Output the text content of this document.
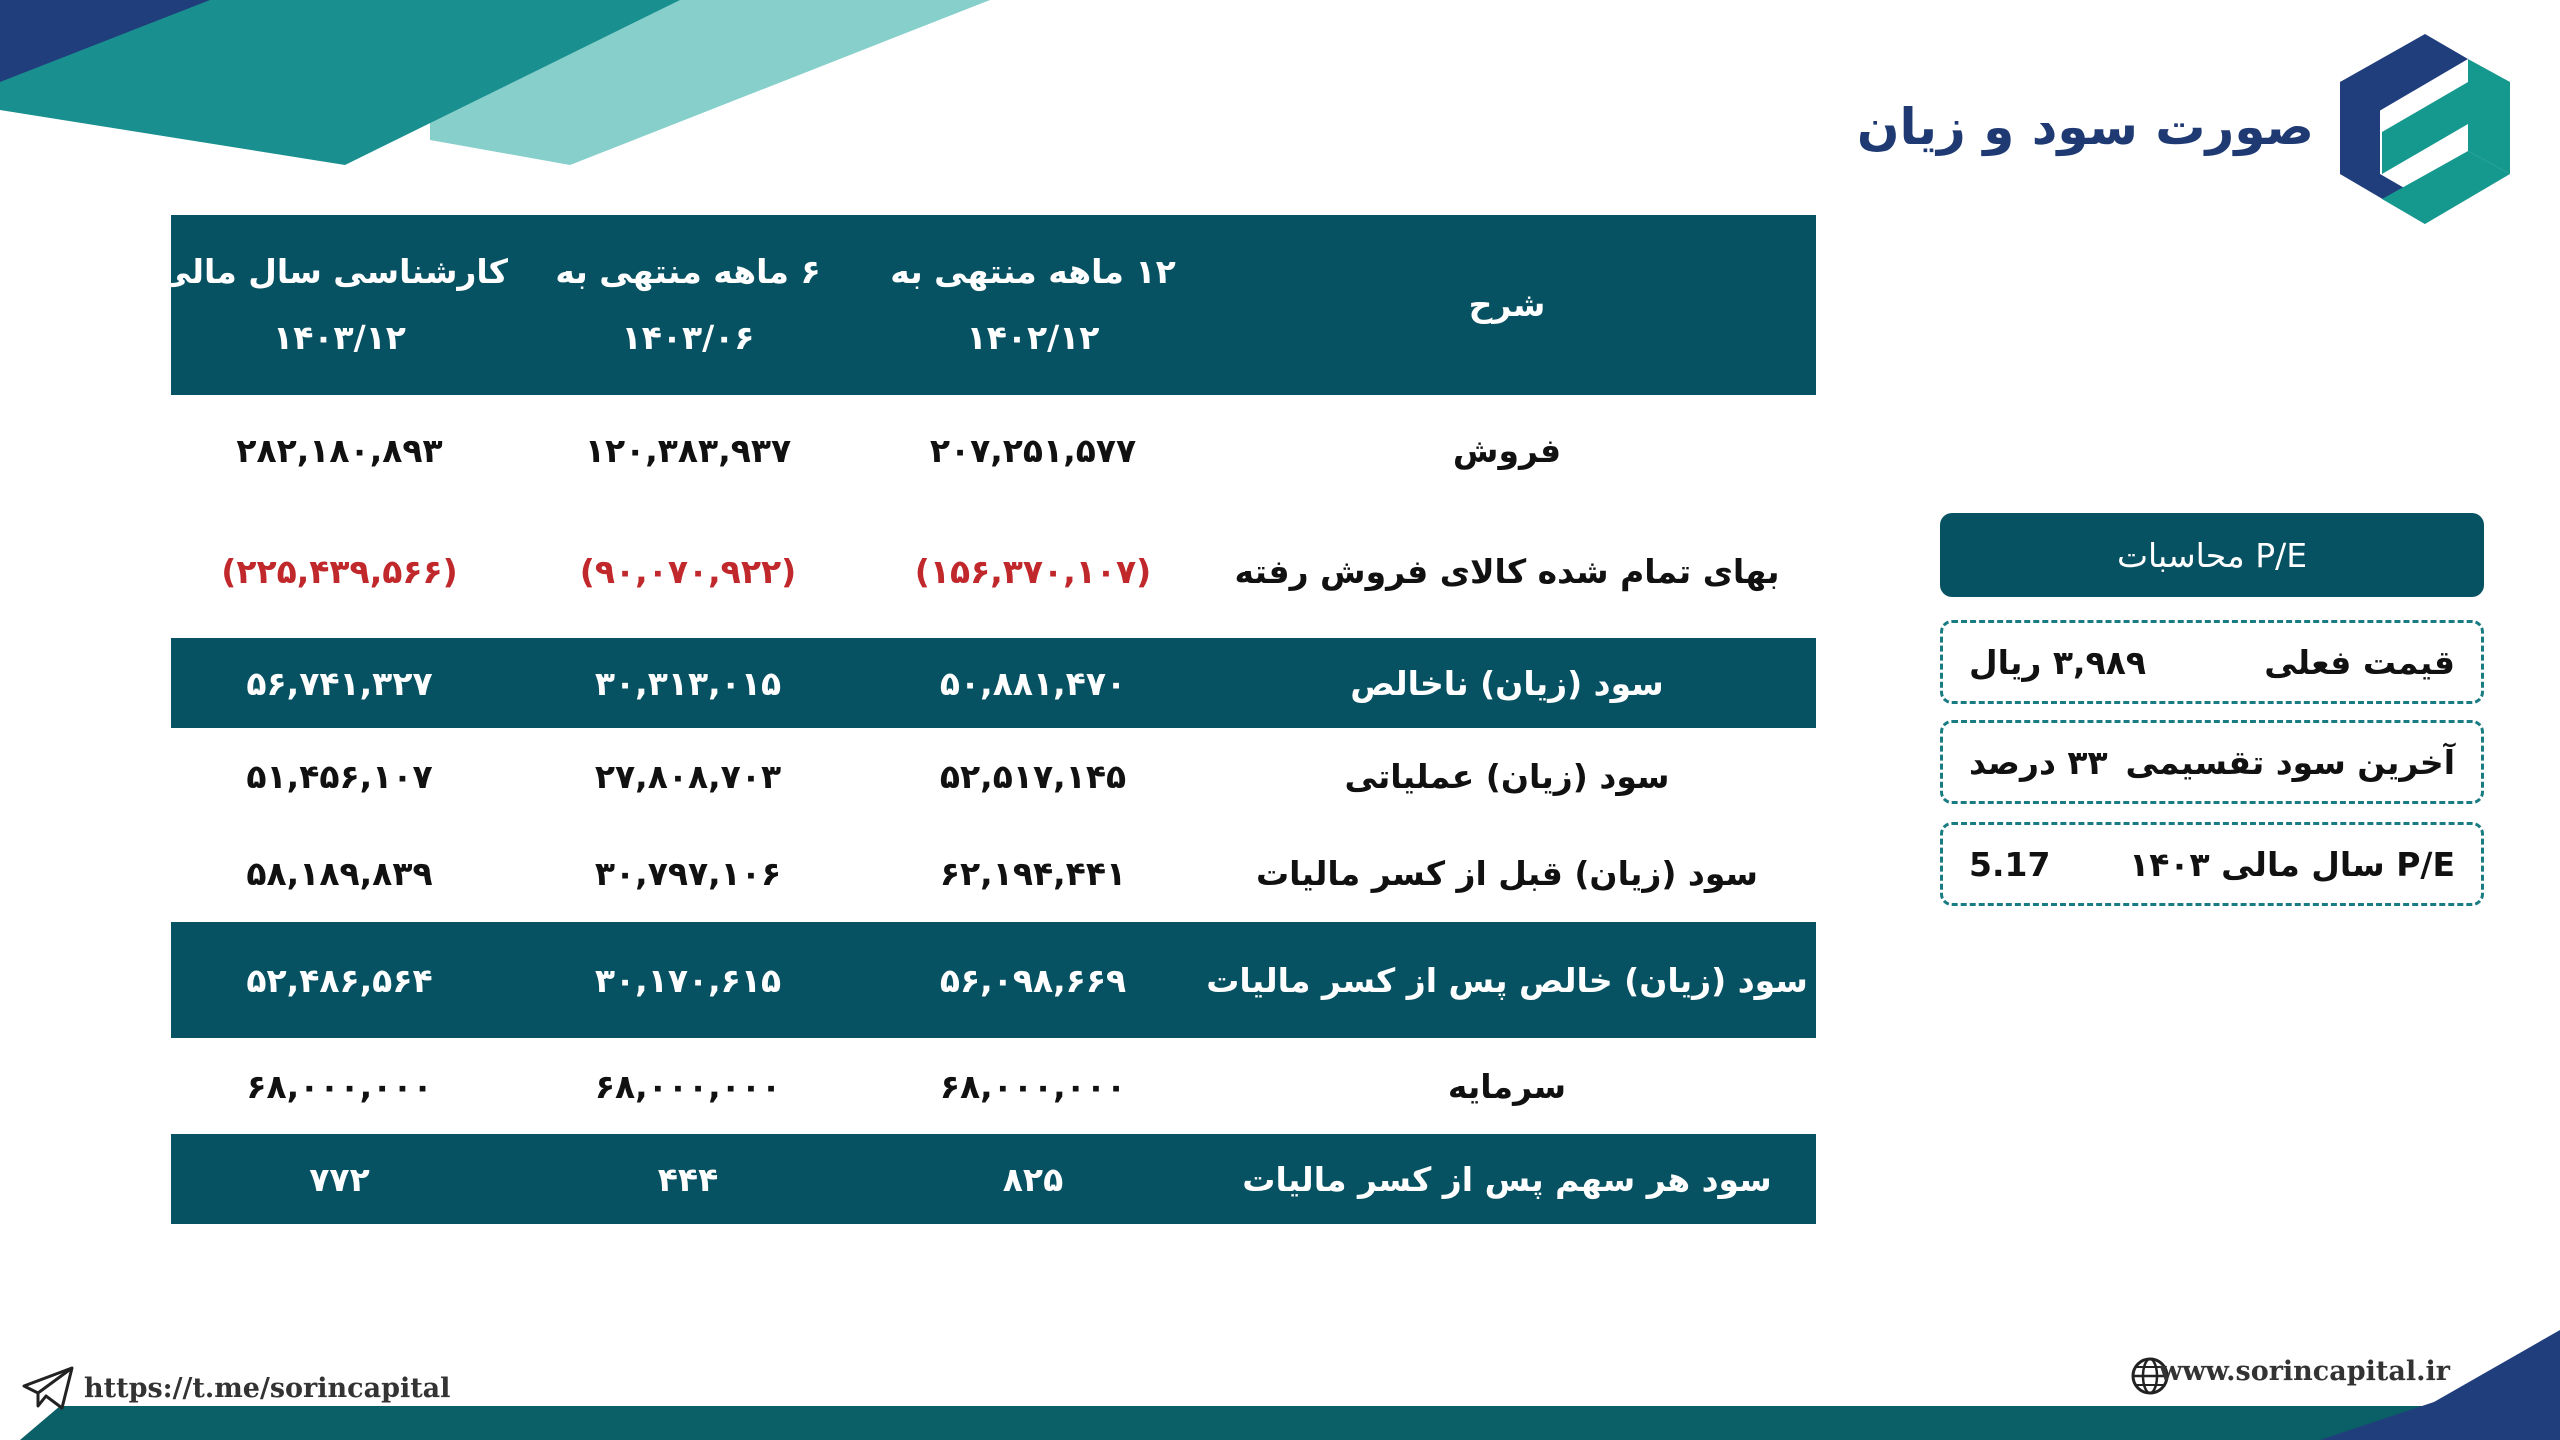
صورت سود و زیان
شرح
۱۲ ماهه منتهی به
۱۴۰۲/۱۲
۶ ماهه منتهی به
۱۴۰۳/۰۶
کارشناسی سال مالی
۱۴۰۳/۱۲
فروش
۲۰۷,۲۵۱,۵۷۷
۱۲۰,۳۸۳,۹۳۷
۲۸۲,۱۸۰,۸۹۳
بهای تمام شده کالای فروش رفته
(۱۵۶,۳۷۰,۱۰۷)
(۹۰,۰۷۰,۹۲۲)
(۲۲۵,۴۳۹,۵۶۶)
سود (زیان) ناخالص
۵۰,۸۸۱,۴۷۰
۳۰,۳۱۳,۰۱۵
۵۶,۷۴۱,۳۲۷
سود (زیان) عملیاتی
۵۲,۵۱۷,۱۴۵
۲۷,۸۰۸,۷۰۳
۵۱,۴۵۶,۱۰۷
سود (زیان) قبل از کسر مالیات
۶۲,۱۹۴,۴۴۱
۳۰,۷۹۷,۱۰۶
۵۸,۱۸۹,۸۳۹
سود (زیان) خالص پس از کسر مالیات
۵۶,۰۹۸,۶۶۹
۳۰,۱۷۰,۶۱۵
۵۲,۴۸۶,۵۶۴
سرمایه
۶۸,۰۰۰,۰۰۰
۶۸,۰۰۰,۰۰۰
۶۸,۰۰۰,۰۰۰
سود هر سهم پس از کسر مالیات
۸۲۵
۴۴۴
۷۷۲
محاسبات P/E
قیمت فعلی
۳,۹۸۹ ریال
آخرین سود تقسیمی
۳۳ درصد
P/E سال مالی ۱۴۰۳
5.17
www.sorincapital.ir
https://t.me/sorincapital
